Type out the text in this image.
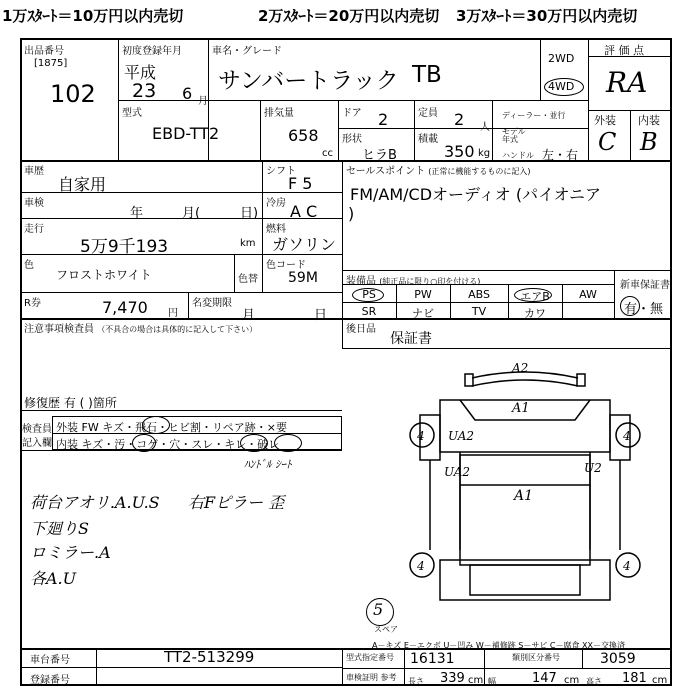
1万ｽﾀｰﾄ＝10万円以内売切	2万ｽﾀｰﾄ＝20万円以内売切 3万ｽﾀｰﾄ＝30万円以内売切
出品番号
[1875]
102
初度登録年月
平成
23 6 月
車名・グレード
サンバートラック TB
2WD
4WD
評 価 点
RA
外装 内装
C B
型式
EBD-TT2
排気量
658
cc
ドア 2	定員 2 人
ディーラー・並行
モデル年式
形状
ヒラB
積載
350 kg ハンドル 左・右
車歴
自家用
シフト
F 5
車検
年	月(	日)
冷房 A C
走行
5万9千193	km
燃料
ガソリン
色
フロストホワイト	色替
色コード
59M
R券	7,470 円
名変期限
月	日
セールスポイント (正常に機能するものに記入)
FM/AM/CDオーディオ (パイオニア
)
装備品 (純正品に限り○印を付ける)
PS	PW	ABS	エアB	AW
SR	ナビ	TV	カワ
新車保証書
有・無
後日品
保証書
注意事項検査員 （不具合の場合は具体的に記入して下さい）
修復歴 有 ( )箇所
検査員
記入欄
外装 FW キズ・飛石・ヒビ割・リペア跡・×要
内装 キズ・汚・コゲ・穴・スレ・キレ・破レ
ﾊﾝﾄﾞﾙ ｼｰﾄ
荷台アオリ.A.U.S 右Fピラー 歪
下廻りS
ロミラー.A
各A.U
5
スペア
A2
A1
UA2
UA2	U2
A1
4	4
4	4
A－キズ E－エクボ U－凹み W－補修跡 S－サビ C－腐食 XX－交換済
車台番号	TT2-513299
登録番号
型式指定番号 16131	類別区分番号	3059
車検証明 参考 長さ 339 cm 幅	147 cm 高さ 181 cm
